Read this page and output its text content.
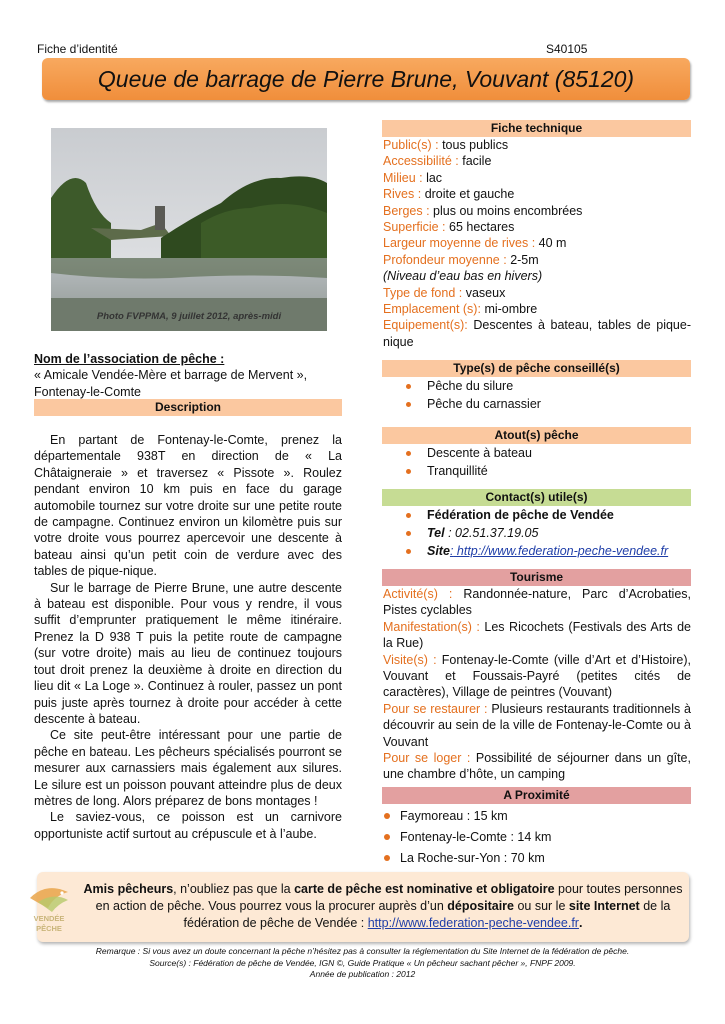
Fiche d’identité	S40105
Queue de barrage de Pierre Brune, Vouvant (85120)
Photo FVPPMA, 9 juillet 2012, après-midi
Nom de l’association de pêche :
« Amicale Vendée-Mère et barrage de Mervent »,
Fontenay-le-Comte
Description

En partant de Fontenay-le-Comte, prenez la départementale 938T en direction de « La Châtaigneraie » et traversez « Pissote ». Roulez pendant environ 10 km puis en face du garage automobile tournez sur votre droite sur une petite route de campagne. Continuez environ un kilomètre puis sur votre droite vous pourrez apercevoir une descente à bateau ainsi qu’un petit coin de verdure avec des tables de pique-nique.

Sur le barrage de Pierre Brune, une autre descente à bateau est disponible. Pour vous y rendre, il vous suffit d’emprunter pratiquement le même itinéraire. Prenez la D 938 T puis la petite route de campagne (sur votre droite) mais au lieu de continuez toujours tout droit prenez la deuxième à droite en direction du lieu dit « La Loge ». Continuez à rouler, passez un pont puis juste après tournez à droite pour accéder à cette descente à bateau.

Ce site peut-être intéressant pour une partie de pêche en bateau. Les pêcheurs spécialisés pourront se mesurer aux carnassiers mais également aux silures. Le silure est un poisson pouvant atteindre plus de deux mètres de long. Alors préparez de bons montages !

Le saviez-vous, ce poisson est un carnivore opportuniste actif surtout au crépuscule et à l’aube.

Fiche technique
Public(s) : tous publics
Accessibilité : facile
Milieu : lac
Rives : droite et gauche
Berges : plus ou moins encombrées
Superficie : 65 hectares
Largeur moyenne de rives : 40 m
Profondeur moyenne : 2-5m
(Niveau d’eau bas en hivers)
Type de fond : vaseux
Emplacement (s): mi-ombre
Equipement(s): Descentes à bateau, tables de pique-nique
Type(s) de pêche conseillé(s)
Pêche du silure
Pêche du carnassier
Atout(s) pêche
Descente à bateau
Tranquillité
Contact(s) utile(s)
Fédération de pêche de Vendée
Tel : 02.51.37.19.05
Site: http://www.federation-peche-vendee.fr
Tourisme
Activité(s) : Randonnée-nature, Parc d’Acrobaties, Pistes cyclables
Manifestation(s) : Les Ricochets (Festivals des Arts de la Rue)
Visite(s) : Fontenay-le-Comte (ville d’Art et d’Histoire), Vouvant et Foussais-Payré (petites cités de caractères), Village de peintres (Vouvant)
Pour se restaurer : Plusieurs restaurants traditionnels à découvrir au sein de la ville de Fontenay-le-Comte ou à Vouvant
Pour se loger : Possibilité de séjourner dans un gîte, une chambre d’hôte, un camping
A Proximité
Faymoreau : 15 km
Fontenay-le-Comte : 14 km
La Roche-sur-Yon : 70 km
VENDÉE
PÊCHE
Amis pêcheurs, n’oubliez pas que la carte de pêche est nominative et obligatoire pour toutes personnes en action de pêche. Vous pourrez vous la procurer auprès d’un dépositaire ou sur le site Internet de la fédération de pêche de Vendée : http://www.federation-peche-vendee.fr.
Remarque : Si vous avez un doute concernant la pêche n’hésitez pas à consulter la réglementation du Site Internet de la fédération de pêche.
Source(s) : Fédération de pêche de Vendée, IGN ©, Guide Pratique « Un pêcheur sachant pêcher », FNPF 2009.
Année de publication : 2012
